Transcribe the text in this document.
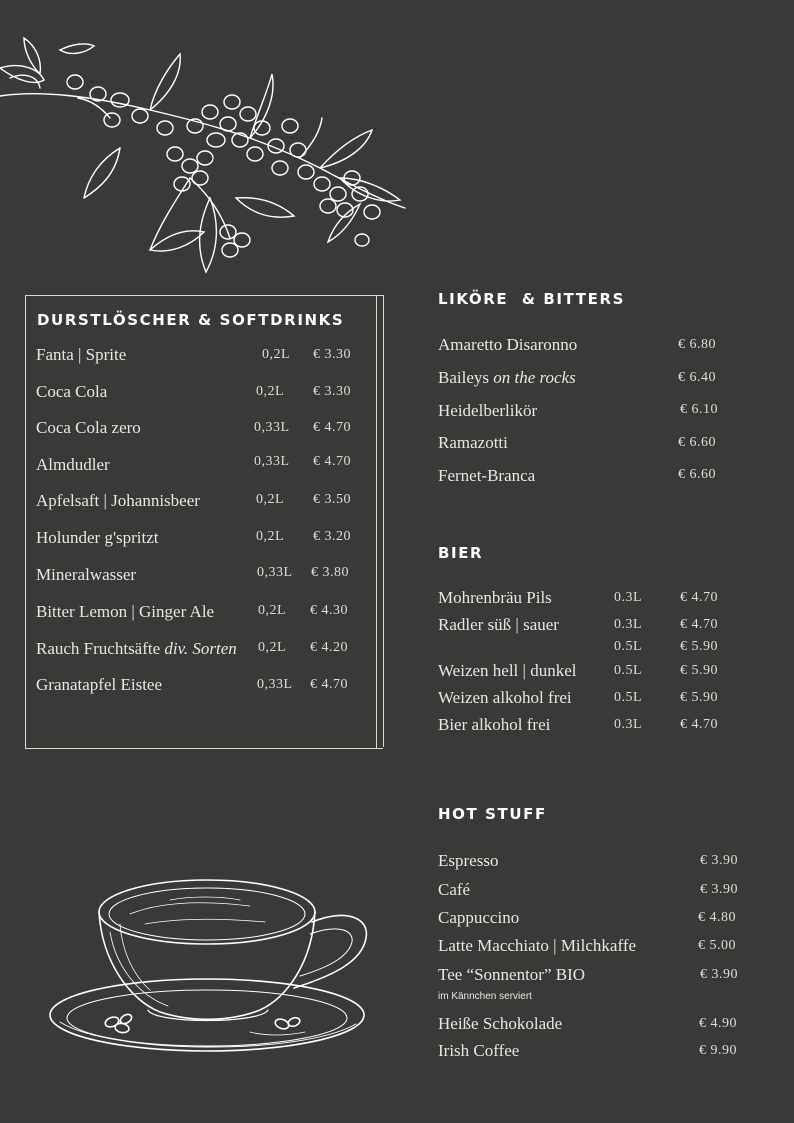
DURSTLÖSCHER & SOFTDRINKS
Fanta | Sprite	0,2L € 3.30
Coca Cola	0,2L € 3.30
Coca Cola zero	0,33L € 4.70
Almdudler	0,33L € 4.70
Apfelsaft | Johannisbeer	0,2L € 3.50
Holunder g'spritzt	0,2L € 3.20
Mineralwasser	0,33L € 3.80
Bitter Lemon | Ginger Ale	0,2L € 4.30
Rauch Fruchtsäfte div. Sorten 0,2L € 4.20
Granatapfel Eistee	0,33L € 4.70
LIKÖRE  & BITTERS
Amaretto Disaronno	€ 6.80
Baileys on the rocks	€ 6.40
Heidelberlikör	€ 6.10
Ramazotti	€ 6.60
Fernet-Branca	€ 6.60
BIER
Mohrenbräu Pils	0.3L	€ 4.70
Radler süß | sauer	0.3L	€ 4.70
0.5L	€ 5.90
Weizen hell | dunkel	0.5L	€ 5.90
Weizen alkohol frei	0.5L	€ 5.90
Bier alkohol frei	0.3L	€ 4.70
HOT STUFF
Espresso	€ 3.90
Café	€ 3.90
Cappuccino	€ 4.80
Latte Macchiato | Milchkaffe	€ 5.00
Tee “Sonnentor” BIO	€ 3.90
im Kännchen serviert
Heiße Schokolade	€ 4.90
Irish Coffee	€ 9.90
